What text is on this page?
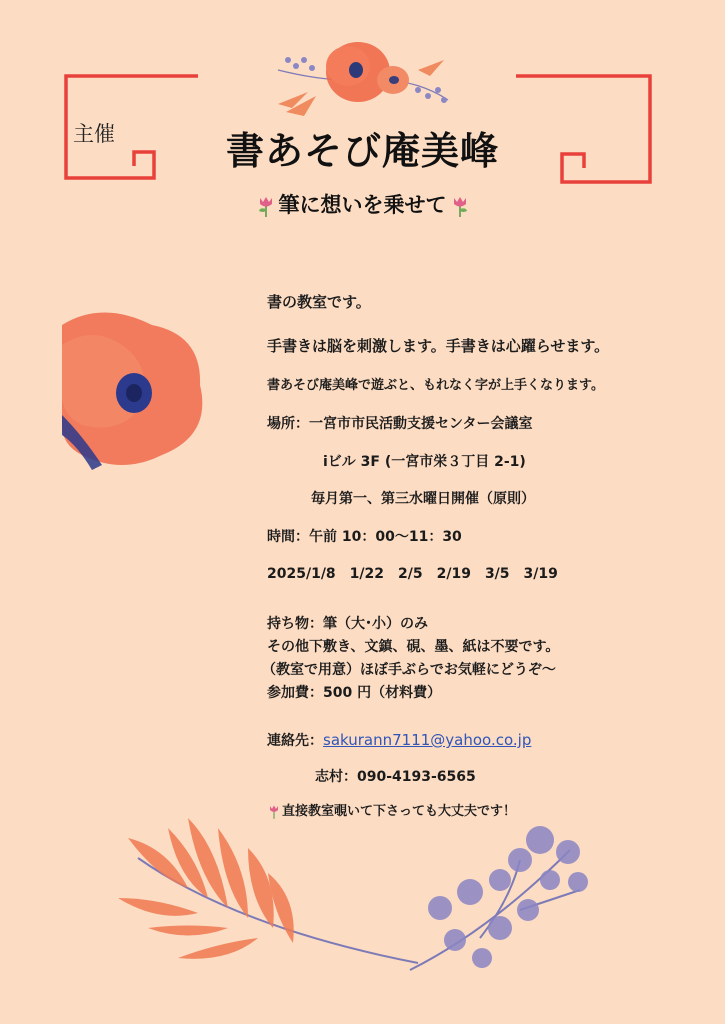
主催	書あそび庵美峰
筆に想いを乗せて
書の教室です。
手書きは脳を刺激します。手書きは心躍らせます。
書あそび庵美峰で遊ぶと、もれなく字が上手くなります。
場所：一宮市市民活動支援センター会議室
iビル 3F (一宮市栄３丁目 2-1)
毎月第一、第三水曜日開催（原則）
時間：午前 10：00～11：30
2025/1/8　1/22　2/5　2/19　3/5　3/19
持ち物：筆（大･小）のみ
その他下敷き、文鎮、硯、墨、紙は不要です。
（教室で用意）ほぼ手ぶらでお気軽にどうぞ～
参加費：500 円（材料費）
連絡先：sakurann7111@yahoo.co.jp
志村：090-4193-6565
直接教室覗いて下さっても大丈夫です！
